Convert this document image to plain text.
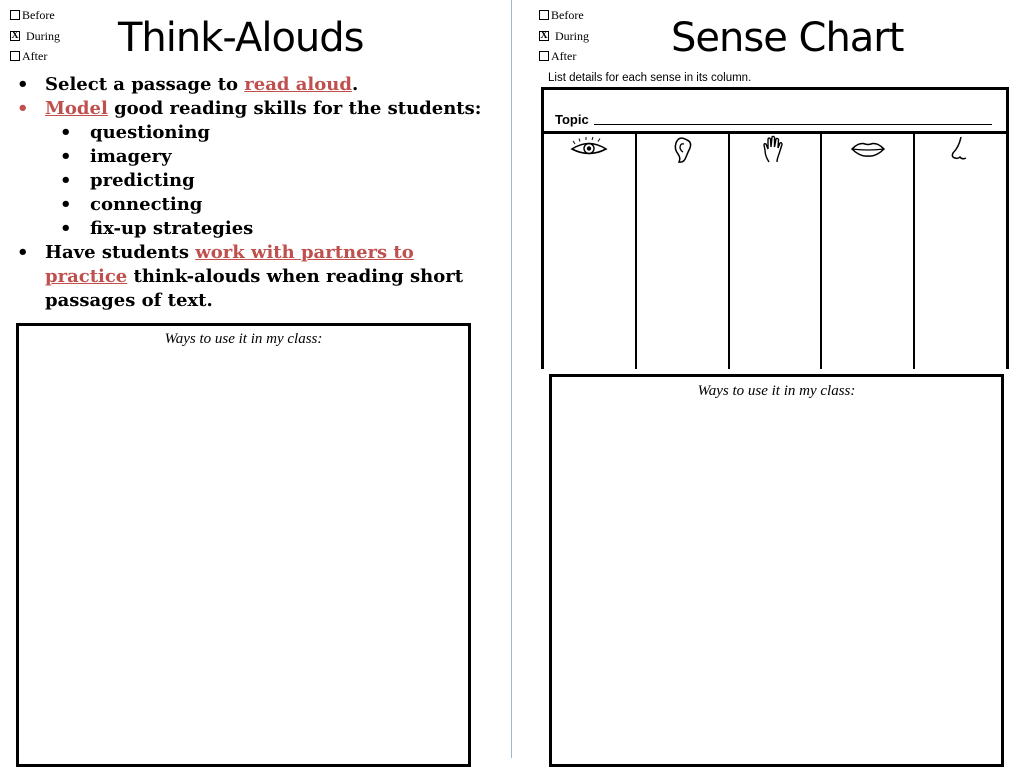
Before
X During
After Think-Alouds
• Select a passage to read aloud.
• Model good reading skills for the students:
• questioning
• imagery
• predicting
• connecting
• fix-up strategies
• Have students work with partners to practice think-alouds when reading short passages of text.
Ways to use it in my class:
Before
X During
After Sense Chart
List details for each sense in its column.
Topic
Ways to use it in my class:
